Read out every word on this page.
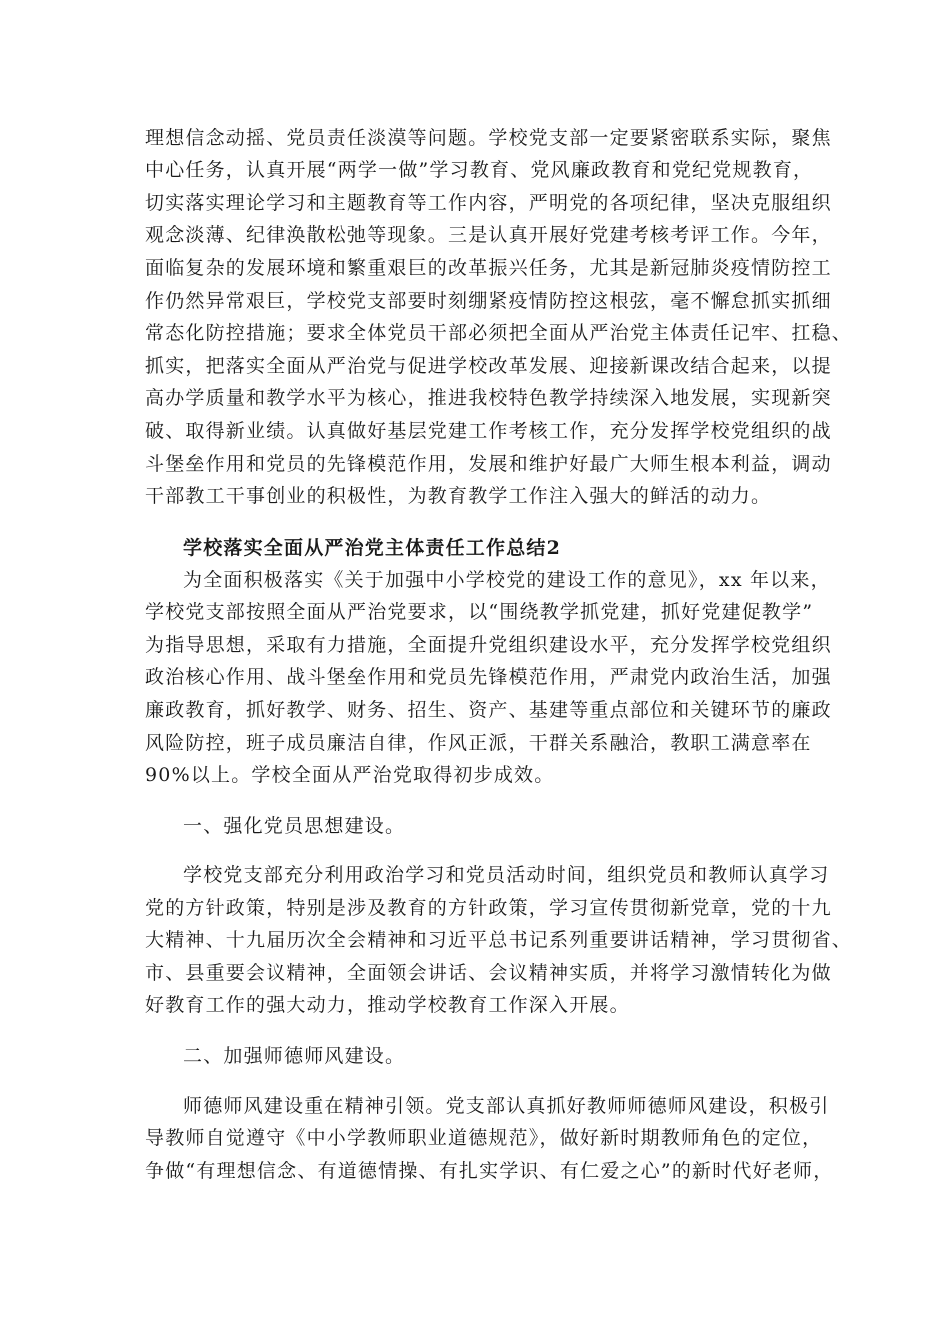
理想信念动摇、党员责任淡漠等问题。学校党支部一定要紧密联系实际，聚焦
中心任务，认真开展“两学一做”学习教育、党风廉政教育和党纪党规教育，
切实落实理论学习和主题教育等工作内容，严明党的各项纪律，坚决克服组织
观念淡薄、纪律涣散松弛等现象。三是认真开展好党建考核考评工作。今年，
面临复杂的发展环境和繁重艰巨的改革振兴任务，尤其是新冠肺炎疫情防控工
作仍然异常艰巨，学校党支部要时刻绷紧疫情防控这根弦，毫不懈怠抓实抓细
常态化防控措施；要求全体党员干部必须把全面从严治党主体责任记牢、扛稳、
抓实，把落实全面从严治党与促进学校改革发展、迎接新课改结合起来，以提
高办学质量和教学水平为核心，推进我校特色教学持续深入地发展，实现新突
破、取得新业绩。认真做好基层党建工作考核工作，充分发挥学校党组织的战
斗堡垒作用和党员的先锋模范作用，发展和维护好最广大师生根本利益，调动
干部教工干事创业的积极性，为教育教学工作注入强大的鲜活的动力。
学校落实全面从严治党主体责任工作总结2
为全面积极落实《关于加强中小学校党的建设工作的意见》，xx 年以来，
学校党支部按照全面从严治党要求，以“围绕教学抓党建，抓好党建促教学”
为指导思想，采取有力措施，全面提升党组织建设水平，充分发挥学校党组织
政治核心作用、战斗堡垒作用和党员先锋模范作用，严肃党内政治生活，加强
廉政教育，抓好教学、财务、招生、资产、基建等重点部位和关键环节的廉政
风险防控，班子成员廉洁自律，作风正派，干群关系融洽，教职工满意率在
90%以上。学校全面从严治党取得初步成效。
一、强化党员思想建设。
学校党支部充分利用政治学习和党员活动时间，组织党员和教师认真学习
党的方针政策，特别是涉及教育的方针政策，学习宣传贯彻新党章，党的十九
大精神、十九届历次全会精神和习近平总书记系列重要讲话精神，学习贯彻省、
市、县重要会议精神，全面领会讲话、会议精神实质，并将学习激情转化为做
好教育工作的强大动力，推动学校教育工作深入开展。
二、加强师德师风建设。
师德师风建设重在精神引领。党支部认真抓好教师师德师风建设，积极引
导教师自觉遵守《中小学教师职业道德规范》，做好新时期教师角色的定位，
争做“有理想信念、有道德情操、有扎实学识、有仁爱之心”的新时代好老师，
